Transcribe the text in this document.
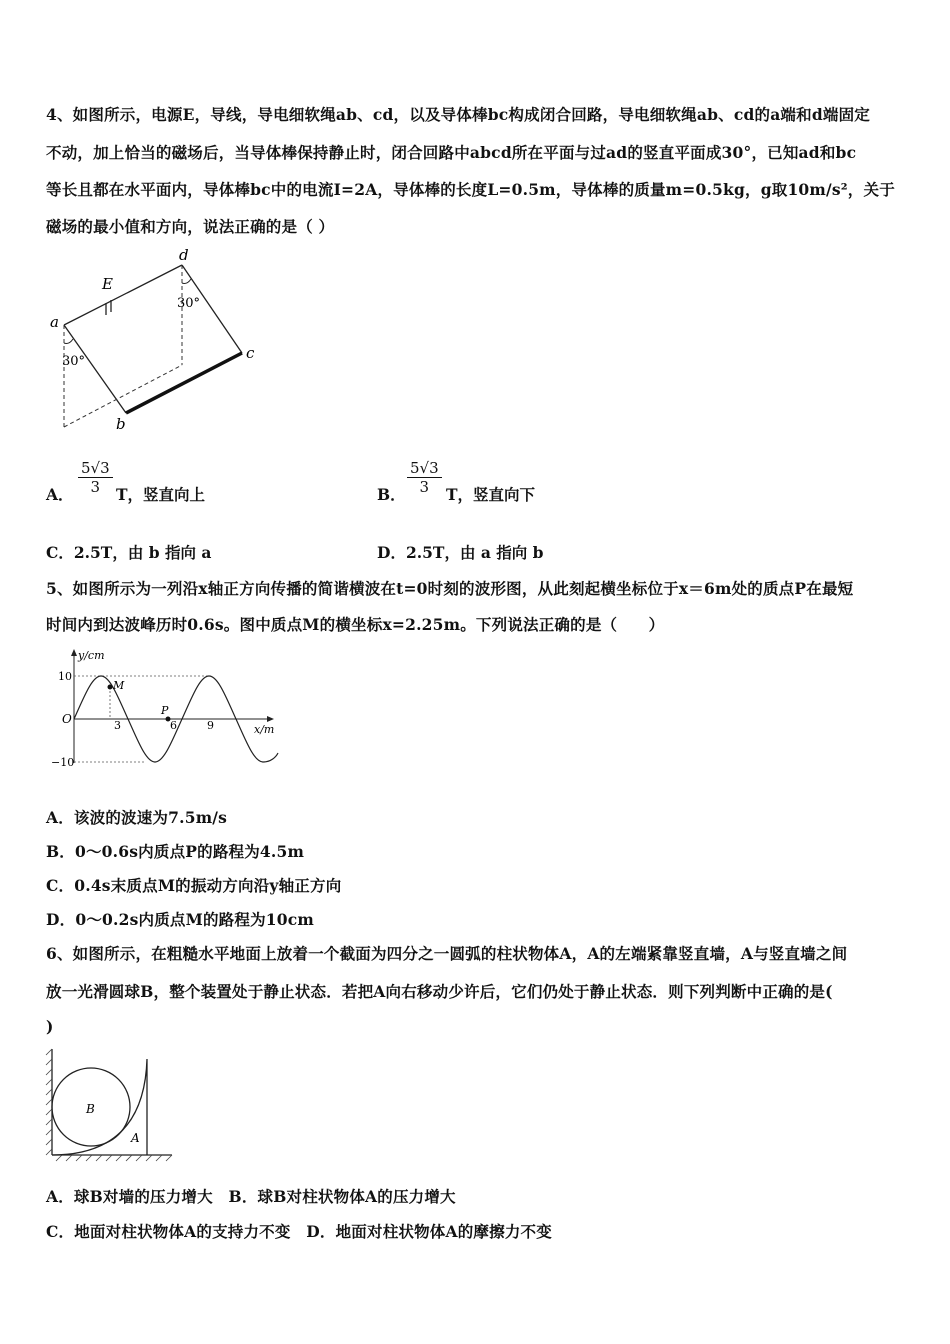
4、如图所示，电源E，导线，导电细软绳ab、cd，以及导体棒bc构成闭合回路，导电细软绳ab、cd的a端和d端固定
不动，加上恰当的磁场后，当导体棒保持静止时，闭合回路中abcd所在平面与过ad的竖直平面成30°，已知ad和bc
等长且都在水平面内，导体棒bc中的电流I=2A，导体棒的长度L=0.5m，导体棒的质量m=0.5kg，g取10m/s²，关于
磁场的最小值和方向，说法正确的是（ ）
E
a
b
c
d
30°
30°
A． $\frac{5√3}{3}$ T，竖直向上	B． $\frac{5√3}{3}$ T，竖直向下
C．2.5T，由 b 指向 a	D．2.5T，由 a 指向 b
5、如图所示为一列沿x轴正方向传播的简谐横波在t=0时刻的波形图，从此刻起横坐标位于x＝6m处的质点P在最短
时间内到达波峰历时0.6s。图中质点M的横坐标x=2.25m。下列说法正确的是（　　）
y/cm
x/m
O
10
−10
3	6	9
M
P
A．该波的波速为7.5m/s
B．0～0.6s内质点P的路程为4.5m
C．0.4s末质点M的振动方向沿y轴正方向
D．0～0.2s内质点M的路程为10cm
6、如图所示，在粗糙水平地面上放着一个截面为四分之一圆弧的柱状物体A，A的左端紧靠竖直墙，A与竖直墙之间
放一光滑圆球B，整个装置处于静止状态．若把A向右移动少许后，它们仍处于静止状态．则下列判断中正确的是(
)
B
A
A．球B对墙的压力增大　B．球B对柱状物体A的压力增大
C．地面对柱状物体A的支持力不变　D．地面对柱状物体A的摩擦力不变
